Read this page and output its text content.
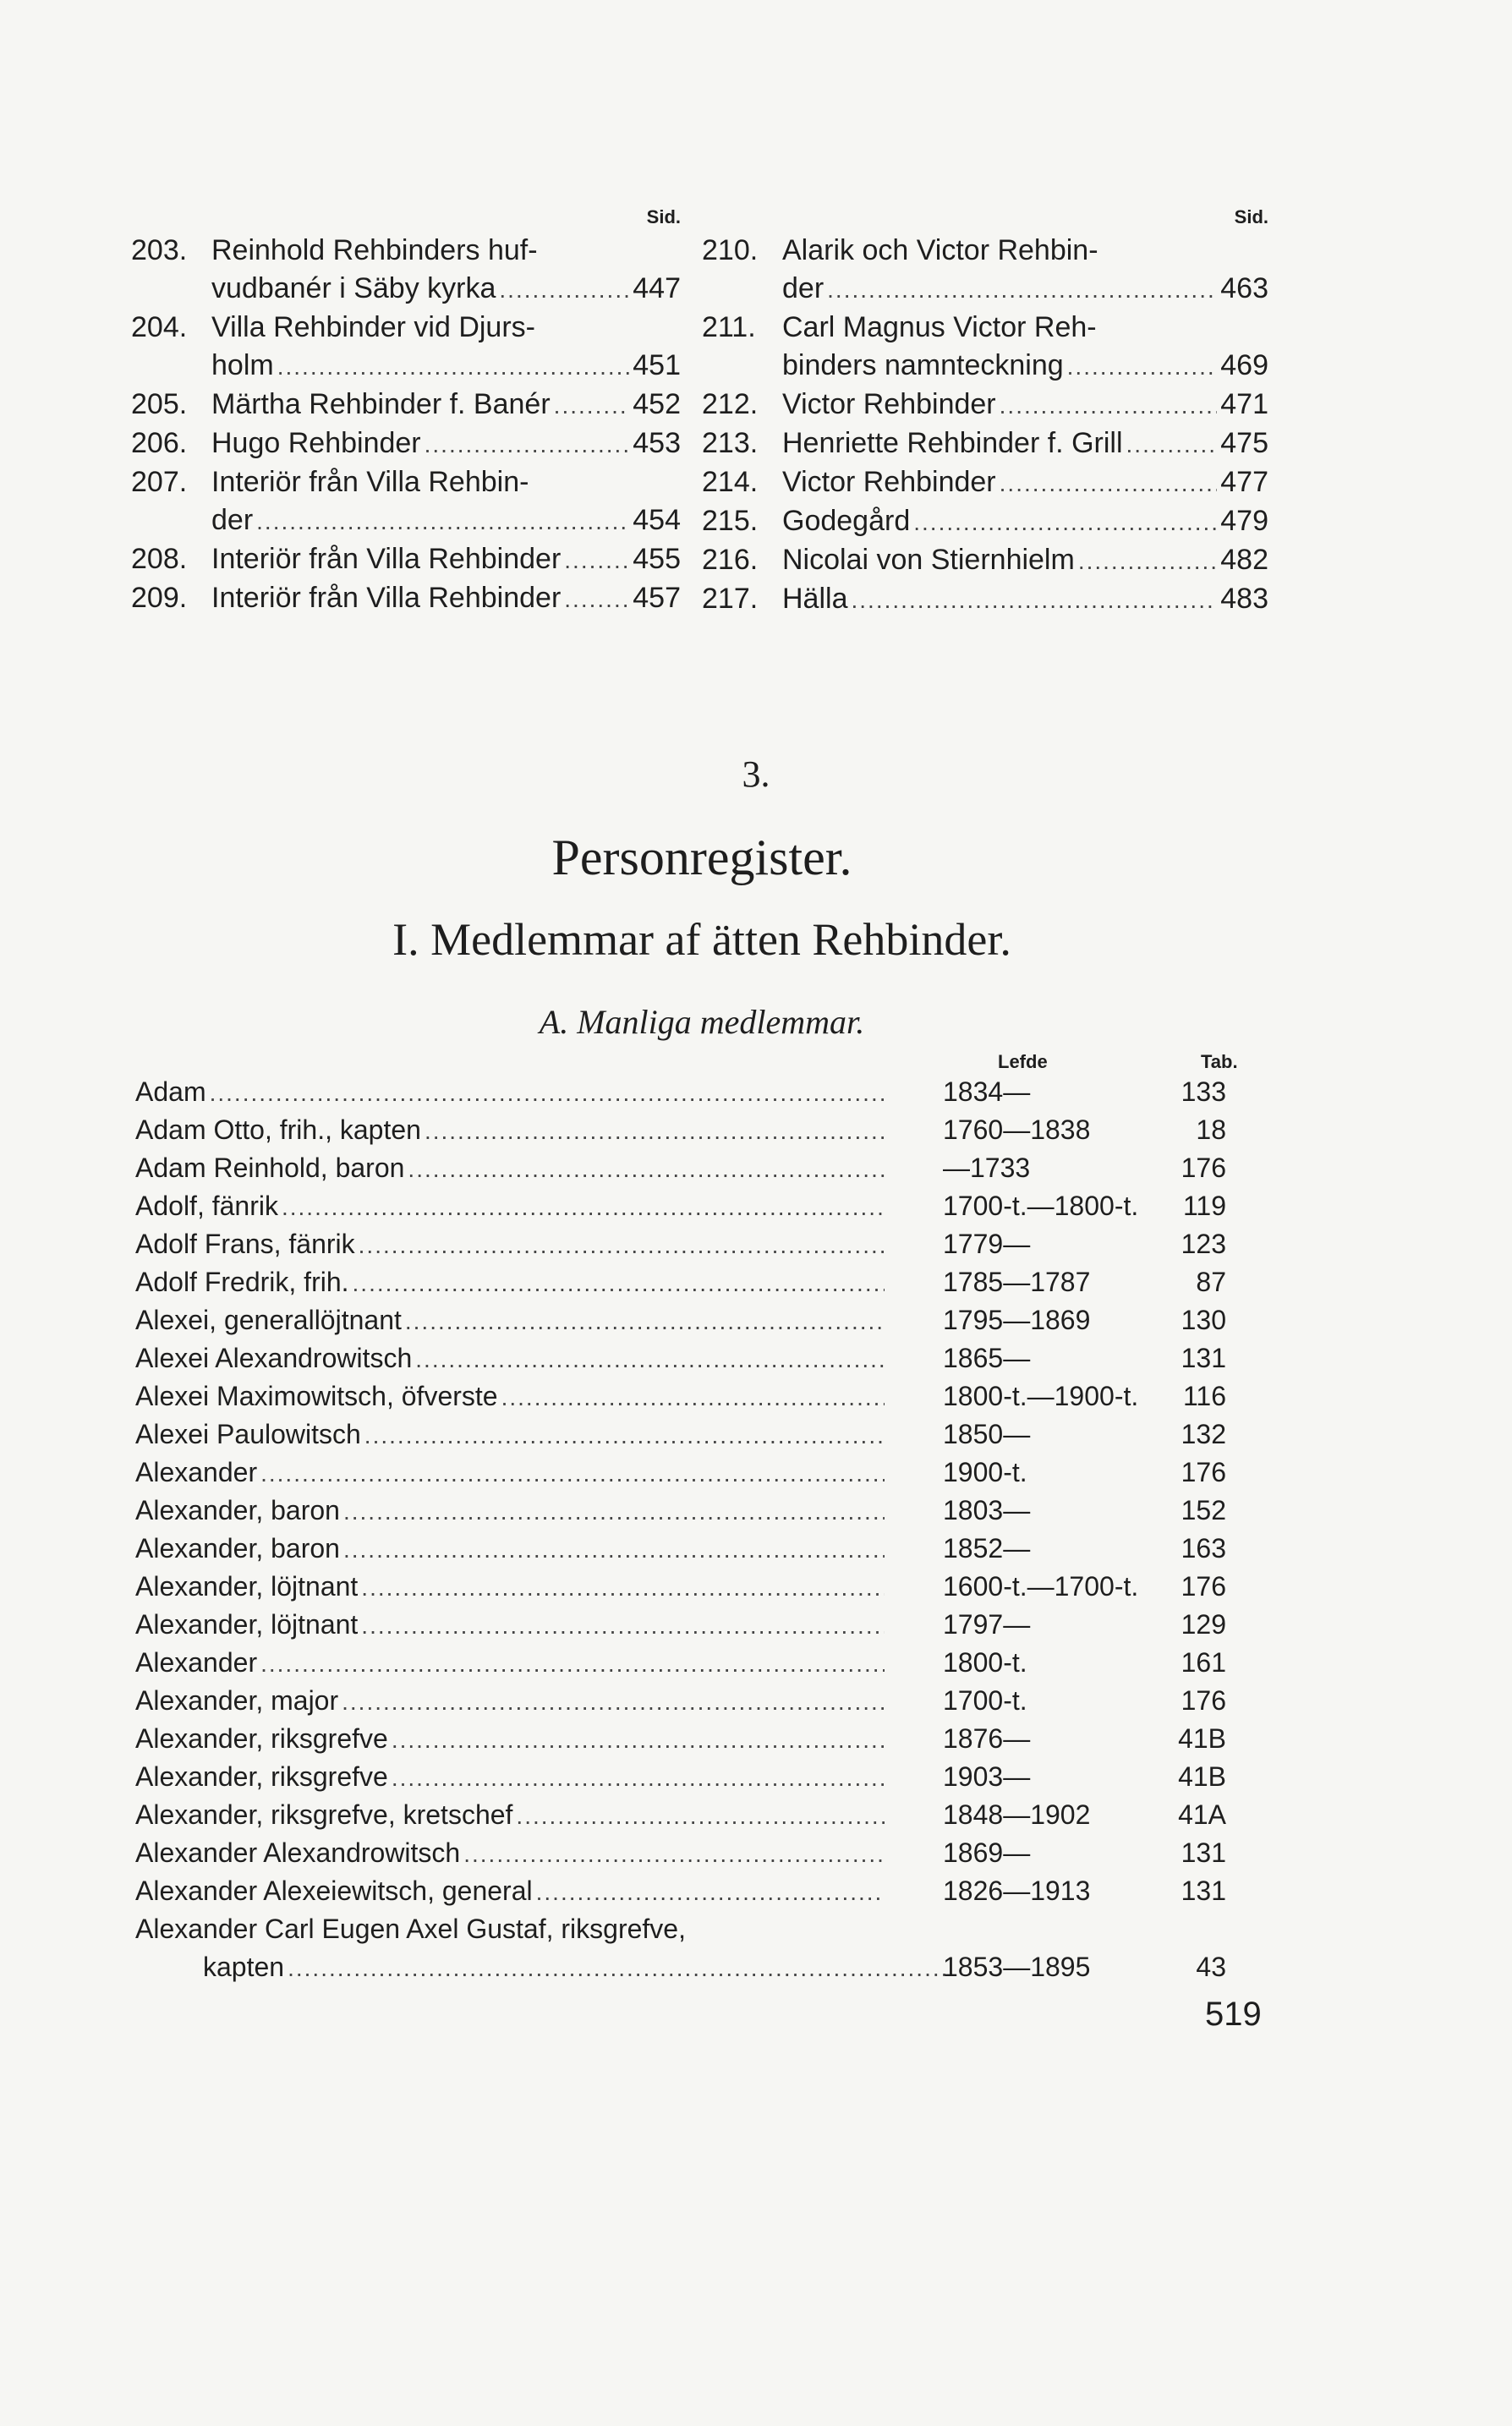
Sid.
203. Reinhold Rehbinders huf-
vudbanér i Säby kyrka .....	447
204. Villa Rehbinder vid Djurs-
holm .....	451
205. Märtha Rehbinder f. Banér .....	452
206. Hugo Rehbinder .....	453
207. Interiör från Villa Rehbin-
der .....	454
208. Interiör från Villa Rehbinder .....	455
209. Interiör från Villa Rehbinder .....	457
Sid.
210. Alarik och Victor Rehbin-
der .....	463
211. Carl Magnus Victor Reh-
binders namnteckning .....	469
212. Victor Rehbinder .....	471
213. Henriette Rehbinder f. Grill .....	475
214. Victor Rehbinder .....	477
215. Godegård .....	479
216. Nicolai von Stiernhielm .....	482
217. Hälla .....	483
3.
Personregister.
I. Medlemmar af ätten Rehbinder.
A. Manliga medlemmar.
Lefde	Tab.
Adam .....	1834—	133
Adam Otto, frih., kapten .....	1760—1838	18
Adam Reinhold, baron .....	—1733	176
Adolf, fänrik .....	1700-t.—1800-t.	119
Adolf Frans, fänrik .....	1779—	123
Adolf Fredrik, frih. .....	1785—1787	87
Alexei, generallöjtnant .....	1795—1869	130
Alexei Alexandrowitsch .....	1865—	131
Alexei Maximowitsch, öfverste .....	1800-t.—1900-t.	116
Alexei Paulowitsch .....	1850—	132
Alexander .....	1900-t.	176
Alexander, baron .....	1803—	152
Alexander, baron .....	1852—	163
Alexander, löjtnant .....	1600-t.—1700-t.	176
Alexander, löjtnant .....	1797—	129
Alexander .....	1800-t.	161
Alexander, major .....	1700-t.	176
Alexander, riksgrefve .....	1876—	41B
Alexander, riksgrefve .....	1903—	41B
Alexander, riksgrefve, kretschef .....	1848—1902	41A
Alexander Alexandrowitsch .....	1869—	131
Alexander Alexeiewitsch, general .....	1826—1913	131
Alexander Carl Eugen Axel Gustaf, riksgrefve,
kapten .....	1853—1895	43
519
